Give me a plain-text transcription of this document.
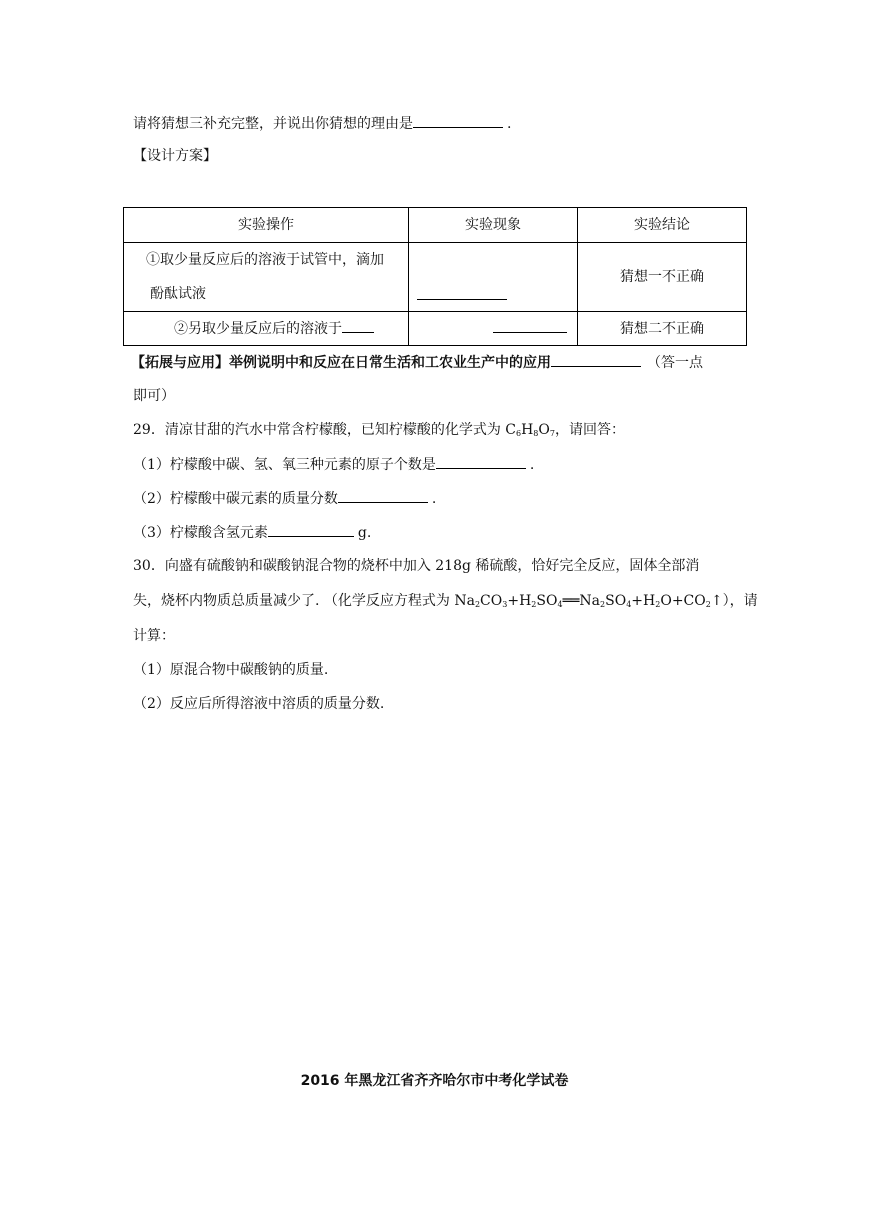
请将猜想三补充完整，并说出你猜想的理由是	.
【设计方案】
实验操作	实验现象	实验结论

①取少量反应后的溶液于试管中，滴加
酚酞试液		猜想一不正确
②另取少量反应后的溶液于		猜想二不正确
【拓展与应用】举例说明中和反应在日常生活和工农业生产中的应用	（答一点
即可）
29．清凉甘甜的汽水中常含柠檬酸，已知柠檬酸的化学式为 $C_6H_8O_7$，请回答：
（1）柠檬酸中碳、氢、氧三种元素的原子个数是	.
（2）柠檬酸中碳元素的质量分数	.
（3）柠檬酸含氢元素	g.
30．向盛有硫酸钠和碳酸钠混合物的烧杯中加入 218g 稀硫酸，恰好完全反应，固体全部消
失，烧杯内物质总质量减少了. （化学反应方程式为 $Na_2CO_3+H_2SO_4══Na_2SO_4+H_2O+CO_2↑$），请
计算：
（1）原混合物中碳酸钠的质量.
（2）反应后所得溶液中溶质的质量分数.
2016 年黑龙江省齐齐哈尔市中考化学试卷
